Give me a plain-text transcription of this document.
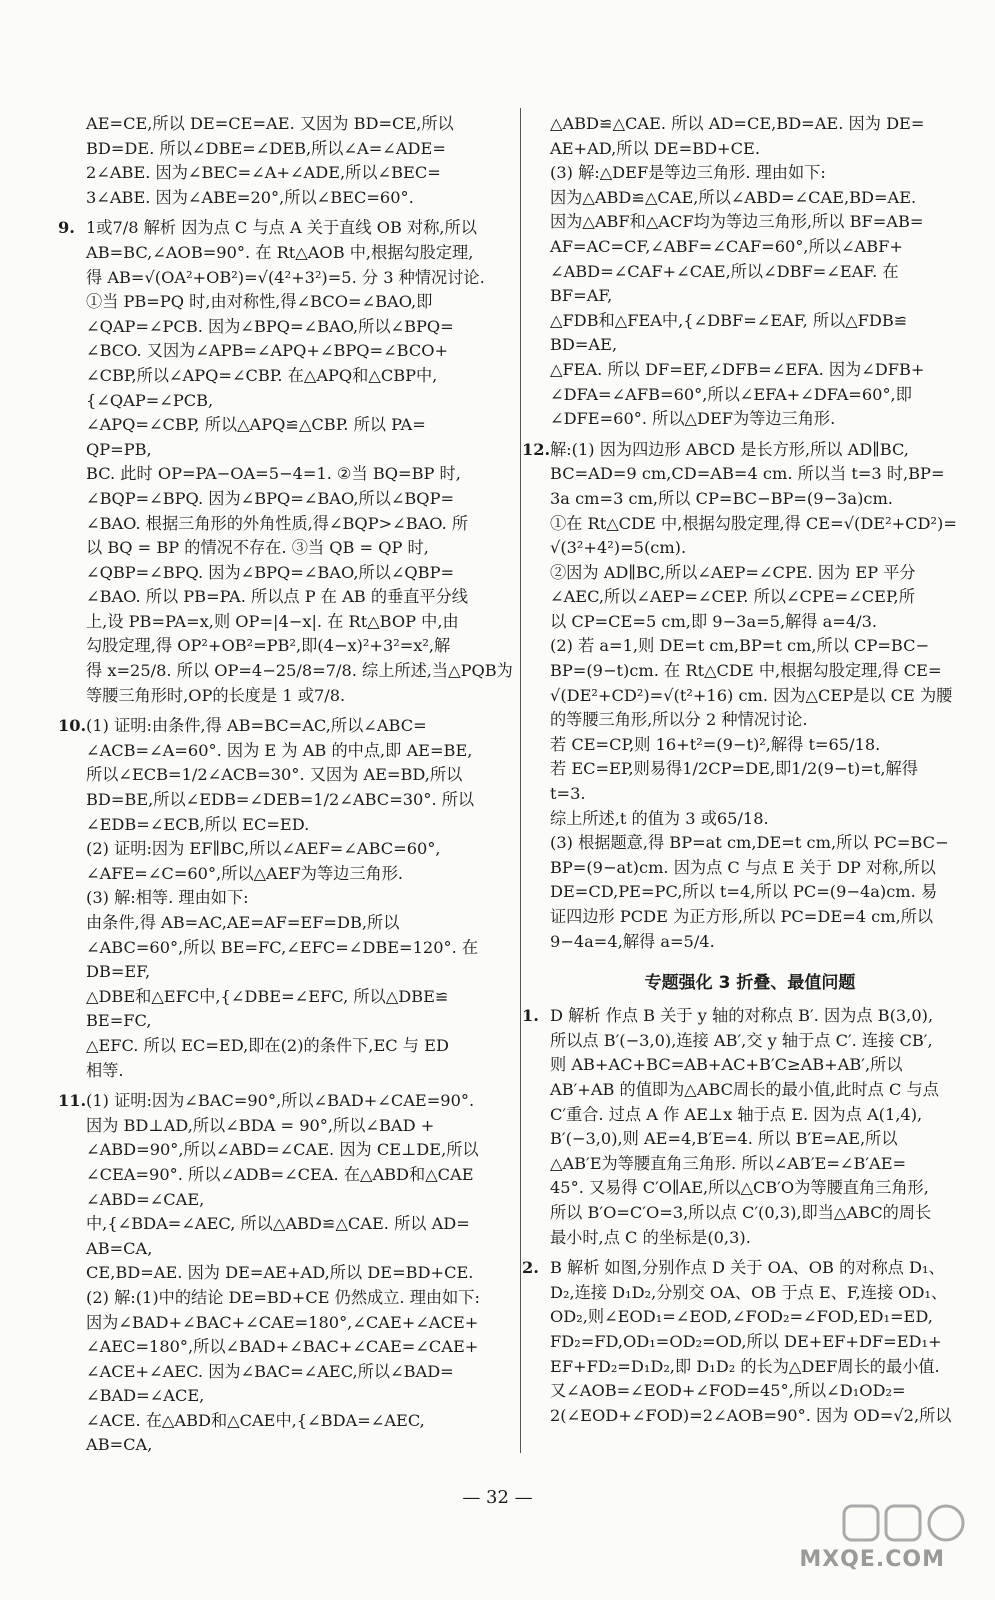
AE=CE,所以 DE=CE=AE. 又因为 BD=CE,所以
BD=DE. 所以∠DBE=∠DEB,所以∠A=∠ADE=
2∠ABE. 因为∠BEC=∠A+∠ADE,所以∠BEC=
3∠ABE. 因为∠ABE=20°,所以∠BEC=60°.
9. 1或7/8 解析 因为点 C 与点 A 关于直线 OB 对称,所以
AB=BC,∠AOB=90°. 在 Rt△AOB 中,根据勾股定理,
得 AB=√(OA²+OB²)=√(4²+3²)=5. 分 3 种情况讨论.
①当 PB=PQ 时,由对称性,得∠BCO=∠BAO,即
∠QAP=∠PCB. 因为∠BPQ=∠BAO,所以∠BPQ=
∠BCO. 又因为∠APB=∠APQ+∠BPQ=∠BCO+
∠CBP,所以∠APQ=∠CBP. 在△APQ和△CBP中,
{∠QAP=∠PCB,
∠APQ=∠CBP, 所以△APQ≌△CBP. 所以 PA=
QP=PB,
BC. 此时 OP=PA−OA=5−4=1. ②当 BQ=BP 时,
∠BQP=∠BPQ. 因为∠BPQ=∠BAO,所以∠BQP=
∠BAO. 根据三角形的外角性质,得∠BQP>∠BAO. 所
以 BQ = BP 的情况不存在. ③当 QB = QP 时,
∠QBP=∠BPQ. 因为∠BPQ=∠BAO,所以∠QBP=
∠BAO. 所以 PB=PA. 所以点 P 在 AB 的垂直平分线
上,设 PB=PA=x,则 OP=|4−x|. 在 Rt△BOP 中,由
勾股定理,得 OP²+OB²=PB²,即(4−x)²+3²=x²,解
得 x=25/8. 所以 OP=4−25/8=7/8. 综上所述,当△PQB为
等腰三角形时,OP的长度是 1 或7/8.
10.(1) 证明:由条件,得 AB=BC=AC,所以∠ABC=
∠ACB=∠A=60°. 因为 E 为 AB 的中点,即 AE=BE,
所以∠ECB=1/2∠ACB=30°. 又因为 AE=BD,所以
BD=BE,所以∠EDB=∠DEB=1/2∠ABC=30°. 所以
∠EDB=∠ECB,所以 EC=ED.
(2) 证明:因为 EF∥BC,所以∠AEF=∠ABC=60°,
∠AFE=∠C=60°,所以△AEF为等边三角形.
(3) 解:相等. 理由如下:
由条件,得 AB=AC,AE=AF=EF=DB,所以
∠ABC=60°,所以 BE=FC,∠EFC=∠DBE=120°. 在
DB=EF,
△DBE和△EFC中,{∠DBE=∠EFC, 所以△DBE≌
BE=FC,
△EFC. 所以 EC=ED,即在(2)的条件下,EC 与 ED
相等.
11.(1) 证明:因为∠BAC=90°,所以∠BAD+∠CAE=90°.
因为 BD⊥AD,所以∠BDA = 90°,所以∠BAD +
∠ABD=90°,所以∠ABD=∠CAE. 因为 CE⊥DE,所以
∠CEA=90°. 所以∠ADB=∠CEA. 在△ABD和△CAE
∠ABD=∠CAE,
中,{∠BDA=∠AEC, 所以△ABD≌△CAE. 所以 AD=
AB=CA,
CE,BD=AE. 因为 DE=AE+AD,所以 DE=BD+CE.
(2) 解:(1)中的结论 DE=BD+CE 仍然成立. 理由如下:
因为∠BAD+∠BAC+∠CAE=180°,∠CAE+∠ACE+
∠AEC=180°,所以∠BAD+∠BAC+∠CAE=∠CAE+
∠ACE+∠AEC. 因为∠BAC=∠AEC,所以∠BAD=
∠BAD=∠ACE,
∠ACE. 在△ABD和△CAE中,{∠BDA=∠AEC,
AB=CA,
△ABD≌△CAE. 所以 AD=CE,BD=AE. 因为 DE=
AE+AD,所以 DE=BD+CE.
(3) 解:△DEF是等边三角形. 理由如下:
因为△ABD≌△CAE,所以∠ABD=∠CAE,BD=AE.
因为△ABF和△ACF均为等边三角形,所以 BF=AB=
AF=AC=CF,∠ABF=∠CAF=60°,所以∠ABF+
∠ABD=∠CAF+∠CAE,所以∠DBF=∠EAF. 在
BF=AF,
△FDB和△FEA中,{∠DBF=∠EAF, 所以△FDB≌
BD=AE,
△FEA. 所以 DF=EF,∠DFB=∠EFA. 因为∠DFB+
∠DFA=∠AFB=60°,所以∠EFA+∠DFA=60°,即
∠DFE=60°. 所以△DEF为等边三角形.
12.解:(1) 因为四边形 ABCD 是长方形,所以 AD∥BC,
BC=AD=9 cm,CD=AB=4 cm. 所以当 t=3 时,BP=
3a cm=3 cm,所以 CP=BC−BP=(9−3a)cm.
①在 Rt△CDE 中,根据勾股定理,得 CE=√(DE²+CD²)=
√(3²+4²)=5(cm).
②因为 AD∥BC,所以∠AEP=∠CPE. 因为 EP 平分
∠AEC,所以∠AEP=∠CEP. 所以∠CPE=∠CEP,所
以 CP=CE=5 cm,即 9−3a=5,解得 a=4/3.
(2) 若 a=1,则 DE=t cm,BP=t cm,所以 CP=BC−
BP=(9−t)cm. 在 Rt△CDE 中,根据勾股定理,得 CE=
√(DE²+CD²)=√(t²+16) cm. 因为△CEP是以 CE 为腰
的等腰三角形,所以分 2 种情况讨论.
若 CE=CP,则 16+t²=(9−t)²,解得 t=65/18.
若 EC=EP,则易得1/2CP=DE,即1/2(9−t)=t,解得
t=3.
综上所述,t 的值为 3 或65/18.
(3) 根据题意,得 BP=at cm,DE=t cm,所以 PC=BC−
BP=(9−at)cm. 因为点 C 与点 E 关于 DP 对称,所以
DE=CD,PE=PC,所以 t=4,所以 PC=(9−4a)cm. 易
证四边形 PCDE 为正方形,所以 PC=DE=4 cm,所以
9−4a=4,解得 a=5/4.
专题强化 3 折叠、最值问题
1. D 解析 作点 B 关于 y 轴的对称点 B′. 因为点 B(3,0),
所以点 B′(−3,0),连接 AB′,交 y 轴于点 C′. 连接 CB′,
则 AB+AC+BC=AB+AC+B′C≥AB+AB′,所以
AB′+AB 的值即为△ABC周长的最小值,此时点 C 与点
C′重合. 过点 A 作 AE⊥x 轴于点 E. 因为点 A(1,4),
B′(−3,0),则 AE=4,B′E=4. 所以 B′E=AE,所以
△AB′E为等腰直角三角形. 所以∠AB′E=∠B′AE=
45°. 又易得 C′O∥AE,所以△CB′O为等腰直角三角形,
所以 B′O=C′O=3,所以点 C′(0,3),即当△ABC的周长
最小时,点 C 的坐标是(0,3).
2. B 解析 如图,分别作点 D 关于 OA、OB 的对称点 D₁、
D₂,连接 D₁D₂,分别交 OA、OB 于点 E、F,连接 OD₁、
OD₂,则∠EOD₁=∠EOD,∠FOD₂=∠FOD,ED₁=ED,
FD₂=FD,OD₁=OD₂=OD,所以 DE+EF+DF=ED₁+
EF+FD₂=D₁D₂,即 D₁D₂ 的长为△DEF周长的最小值.
又∠AOB=∠EOD+∠FOD=45°,所以∠D₁OD₂=
2(∠EOD+∠FOD)=2∠AOB=90°. 因为 OD=√2,所以
— 32 —
MXQE.COM
